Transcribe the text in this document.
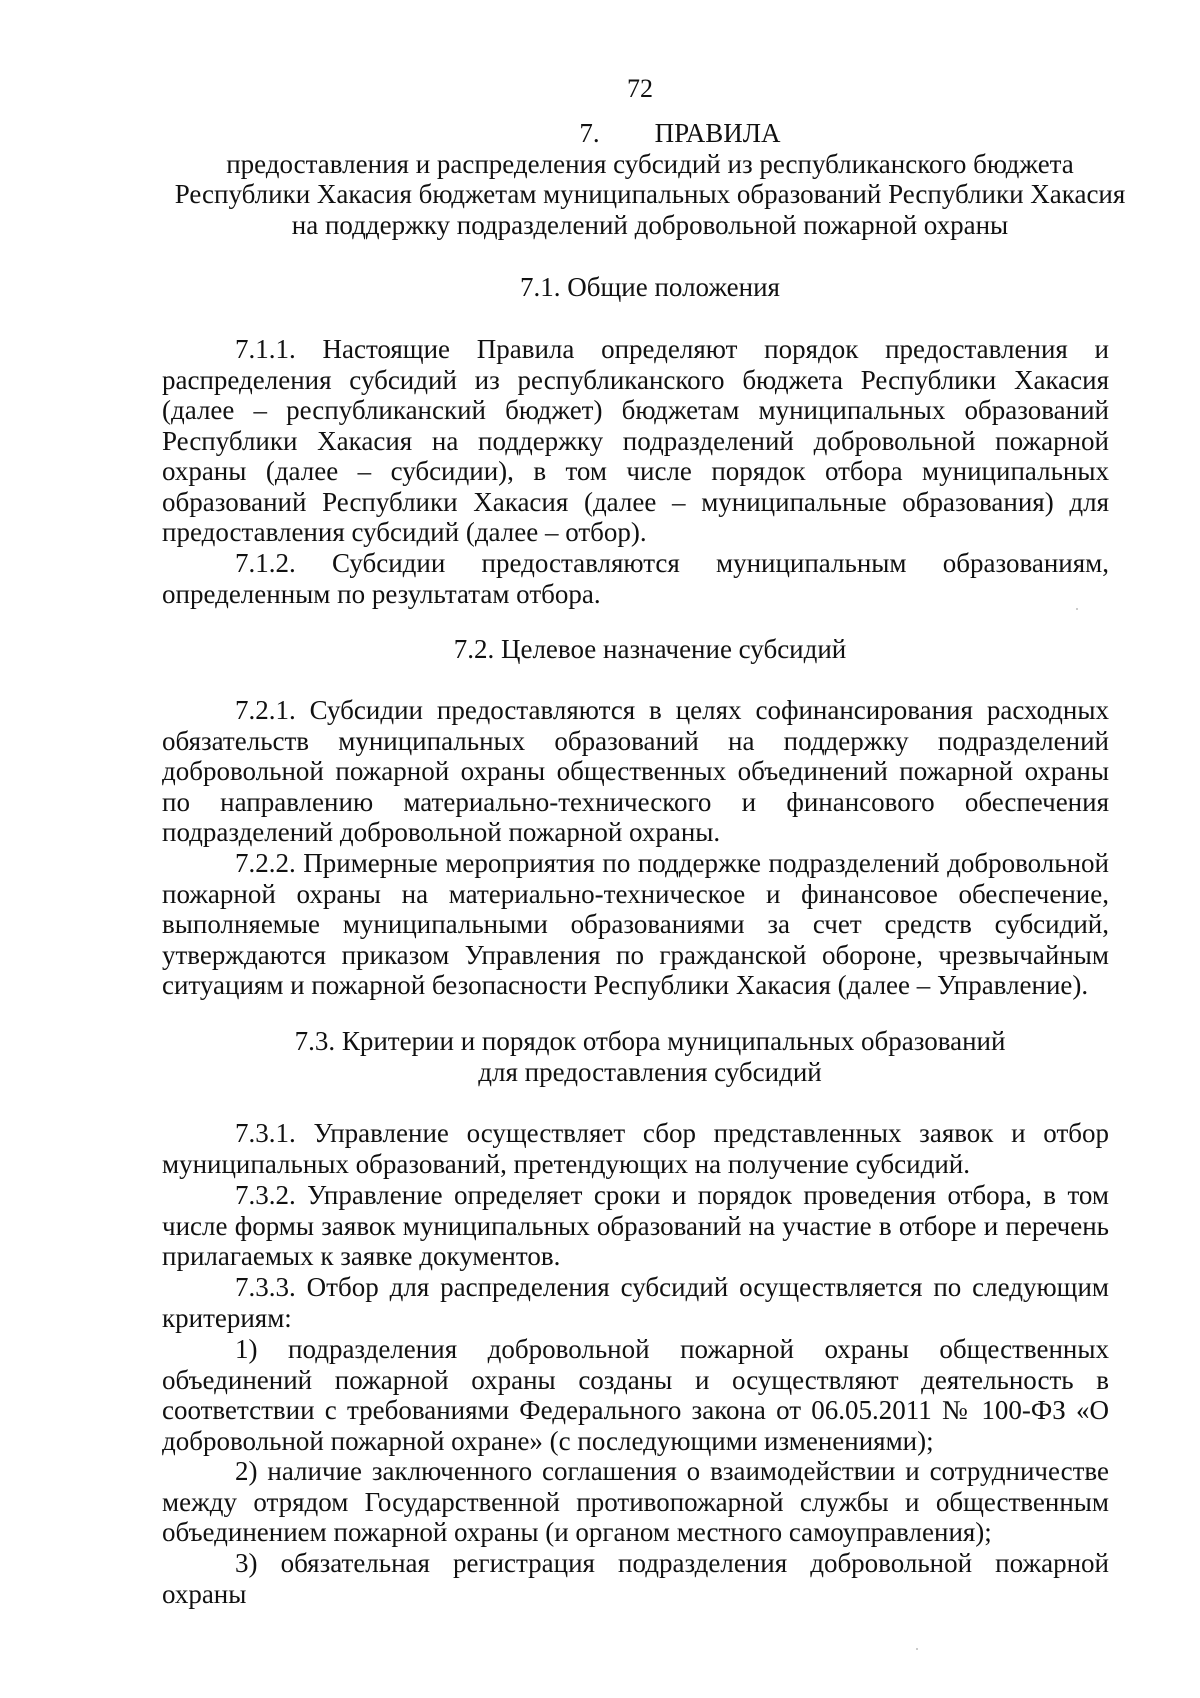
72
7. ПРАВИЛА
предоставления и распределения субсидий из республиканского бюджета
Республики Хакасия бюджетам муниципальных образований Республики Хакасия
на поддержку подразделений добровольной пожарной охраны
7.1. Общие положения

7.1.1. Настоящие Правила определяют порядок предоставления и распределения субсидий из республиканского бюджета Республики Хакасия (далее – республиканский бюджет) бюджетам муниципальных образований Республики Хакасия на поддержку подразделений добровольной пожарной охраны (далее – субсидии), в том числе порядок отбора муниципальных образований Республики Хакасия (далее – муниципальные образования) для предоставления субсидий (далее – отбор).

7.1.2. Субсидии предоставляются муниципальным образованиям, определенным по результатам отбора.

7.2. Целевое назначение субсидий

7.2.1. Субсидии предоставляются в целях софинансирования расходных обязательств муниципальных образований на поддержку подразделений добровольной пожарной охраны общественных объединений пожарной охраны по направлению материально-технического и финансового обеспечения подразделений добровольной пожарной охраны.

7.2.2. Примерные мероприятия по поддержке подразделений добровольной пожарной охраны на материально-техническое и финансовое обеспечение, выполняемые муниципальными образованиями за счет средств субсидий, утверждаются приказом Управления по гражданской обороне, чрезвычайным ситуациям и пожарной безопасности Республики Хакасия (далее – Управление).

7.3. Критерии и порядок отбора муниципальных образований
для предоставления субсидий

7.3.1. Управление осуществляет сбор представленных заявок и отбор муниципальных образований, претендующих на получение субсидий.

7.3.2. Управление определяет сроки и порядок проведения отбора, в том числе формы заявок муниципальных образований на участие в отборе и перечень прилагаемых к заявке документов.

7.3.3. Отбор для распределения субсидий осуществляется по следующим критериям:

1) подразделения добровольной пожарной охраны общественных объединений пожарной охраны созданы и осуществляют деятельность в соответствии с требованиями Федерального закона от 06.05.2011 № 100-ФЗ «О добровольной пожарной охране» (с последующими изменениями);

2) наличие заключенного соглашения о взаимодействии и сотрудничестве между отрядом Государственной противопожарной службы и общественным объединением пожарной охраны (и органом местного самоуправления);

3) обязательная регистрация подразделения добровольной пожарной охраны
